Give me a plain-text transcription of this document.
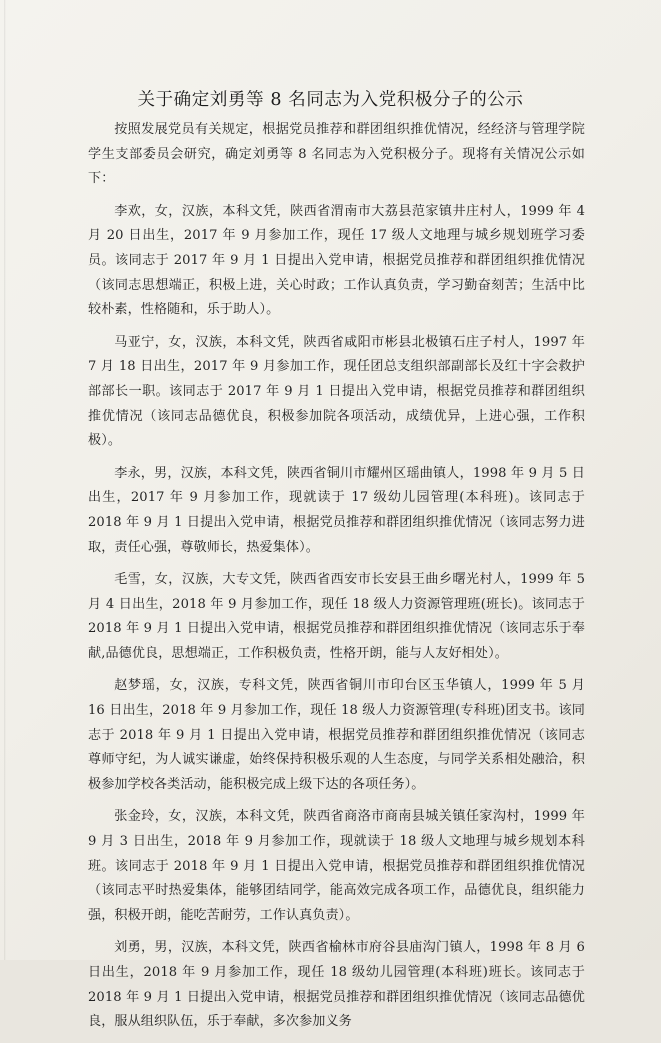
关于确定刘勇等 8 名同志为入党积极分子的公示

按照发展党员有关规定，根据党员推荐和群团组织推优情况，经经济与管理学院学生支部委员会研究，确定刘勇等 8 名同志为入党积极分子。现将有关情况公示如下：

李欢，女，汉族，本科文凭，陕西省渭南市大荔县范家镇井庄村人，1999 年 4 月 20 日出生，2017 年 9 月参加工作，现任 17 级人文地理与城乡规划班学习委员。该同志于 2017 年 9 月 1 日提出入党申请，根据党员推荐和群团组织推优情况（该同志思想端正，积极上进，关心时政；工作认真负责，学习勤奋刻苦；生活中比较朴素，性格随和，乐于助人）。

马亚宁，女，汉族，本科文凭，陕西省咸阳市彬县北极镇石庄子村人，1997 年 7 月 18 日出生，2017 年 9 月参加工作，现任团总支组织部副部长及红十字会救护部部长一职。该同志于 2017 年 9 月 1 日提出入党申请，根据党员推荐和群团组织推优情况（该同志品德优良，积极参加院各项活动，成绩优异，上进心强，工作积极）。

李永，男，汉族，本科文凭，陕西省铜川市耀州区瑶曲镇人，1998 年 9 月 5 日出生，2017 年 9 月参加工作，现就读于 17 级幼儿园管理(本科班)。该同志于 2018 年 9 月 1 日提出入党申请，根据党员推荐和群团组织推优情况（该同志努力进取，责任心强，尊敬师长，热爱集体）。

毛雪，女，汉族，大专文凭，陕西省西安市长安县王曲乡曙光村人，1999 年 5 月 4 日出生，2018 年 9 月参加工作，现任 18 级人力资源管理班(班长)。该同志于 2018 年 9 月 1 日提出入党申请，根据党员推荐和群团组织推优情况（该同志乐于奉献,品德优良，思想端正，工作积极负责，性格开朗，能与人友好相处）。

赵梦瑶，女，汉族，专科文凭，陕西省铜川市印台区玉华镇人，1999 年 5 月 16 日出生，2018 年 9 月参加工作，现任 18 级人力资源管理(专科班)团支书。该同志于 2018 年 9 月 1 日提出入党申请，根据党员推荐和群团组织推优情况（该同志尊师守纪，为人诚实谦虚，始终保持积极乐观的人生态度，与同学关系相处融洽，积极参加学校各类活动，能积极完成上级下达的各项任务）。

张金玲，女，汉族，本科文凭，陕西省商洛市商南县城关镇任家沟村，1999 年 9 月 3 日出生，2018 年 9 月参加工作，现就读于 18 级人文地理与城乡规划本科班。该同志于 2018 年 9 月 1 日提出入党申请，根据党员推荐和群团组织推优情况（该同志平时热爱集体，能够团结同学，能高效完成各项工作，品德优良，组织能力强，积极开朗，能吃苦耐劳，工作认真负责）。

刘勇，男，汉族，本科文凭，陕西省榆林市府谷县庙沟门镇人，1998 年 8 月 6 日出生，2018 年 9 月参加工作，现任 18 级幼儿园管理(本科班)班长。该同志于 2018 年 9 月 1 日提出入党申请，根据党员推荐和群团组织推优情况（该同志品德优良，服从组织队伍，乐于奉献，多次参加义务
